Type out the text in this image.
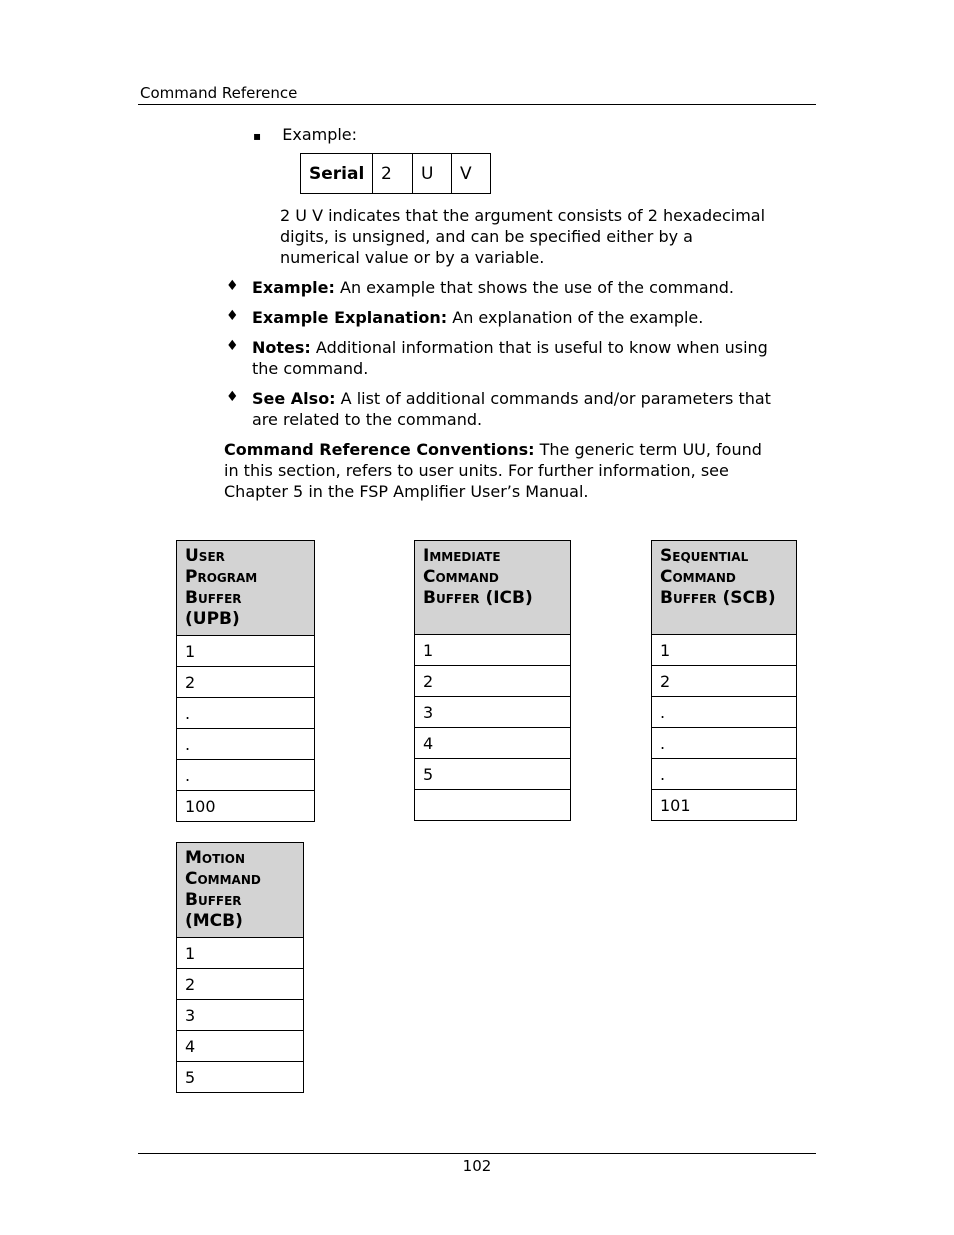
Command Reference
▪ Example:
Serial	2	U	V
2 U V indicates that the argument consists of 2 hexadecimal
digits, is unsigned, and can be specified either by a
numerical value or by a variable.
♦ Example: An example that shows the use of the command.
♦ Example Explanation: An explanation of the example.
♦ Notes: Additional information that is useful to know when using
the command.
♦ See Also: A list of additional commands and/or parameters that
are related to the command.
Command Reference Conventions: The generic term UU, found
in this section, refers to user units. For further information, see
Chapter 5 in the FSP Amplifier User’s Manual.
User
Program
Buffer
(UPB)

1
2
.
.
.
100
Immediate
Command
Buffer (ICB)

1
2
3
4
5

Sequential
Command
Buffer (SCB)

1
2
.
.
.
101
Motion
Command
Buffer
(MCB)

1
2
3
4
5
102
